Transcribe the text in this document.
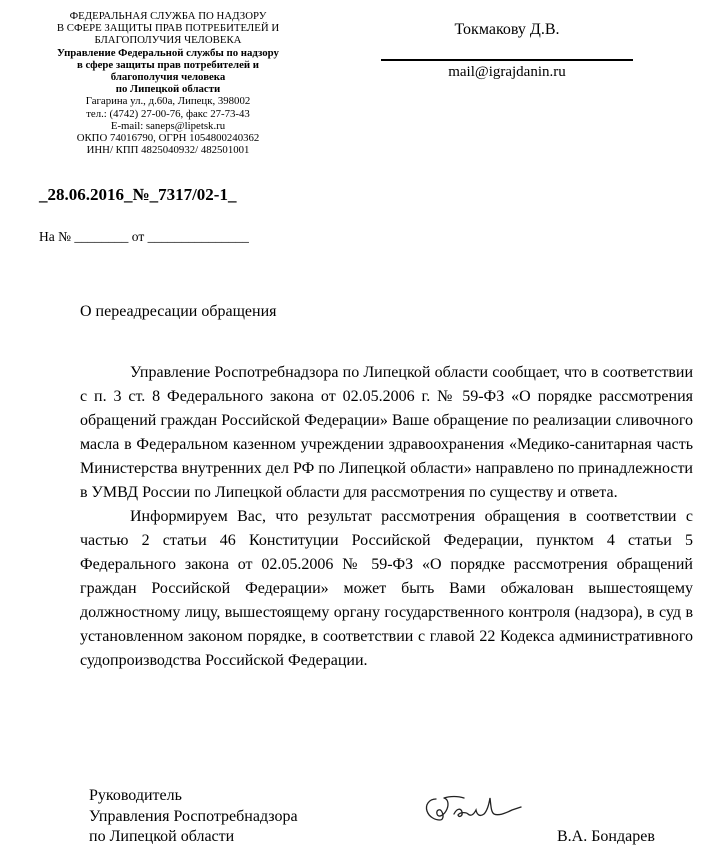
ФЕДЕРАЛЬНАЯ СЛУЖБА ПО НАДЗОРУ
В СФЕРЕ ЗАЩИТЫ ПРАВ ПОТРЕБИТЕЛЕЙ И
БЛАГОПОЛУЧИЯ ЧЕЛОВЕКА
Управление Федеральной службы по надзору
в сфере защиты прав потребителей и
благополучия человека
по Липецкой области
Гагарина ул., д.60а, Липецк, 398002
тел.: (4742) 27-00-76, факс 27-73-43
E-mail: saneps@lipetsk.ru
ОКПО 74016790, ОГРН 1054800240362
ИНН/ КПП 4825040932/ 482501001
_28.06.2016_№_7317/02-1_
На № ________ от _______________
Токмакову Д.В.
mail@igrajdanin.ru
О переадресации обращения

Управление Роспотребнадзора по Липецкой области сообщает, что в соответствии с п. 3 ст. 8 Федерального закона от 02.05.2006 г. № 59-ФЗ «О порядке рассмотрения обращений граждан Российской Федерации» Ваше обращение по реализации сливочного масла в Федеральном казенном учреждении здравоохранения «Медико-санитарная часть Министерства внутренних дел РФ по Липецкой области» направлено по принадлежности в УМВД России по Липецкой области для рассмотрения по существу и ответа.

Информируем Вас, что результат рассмотрения обращения в соответствии с частью 2 статьи 46 Конституции Российской Федерации, пунктом 4 статьи 5 Федерального закона от 02.05.2006 № 59-ФЗ «О порядке рассмотрения обращений граждан Российской Федерации» может быть Вами обжалован вышестоящему должностному лицу, вышестоящему органу государственного контроля (надзора), в суд в установленном законом порядке, в соответствии с главой 22 Кодекса административного судопроизводства Российской Федерации.

Руководитель
Управления Роспотребнадзора
по Липецкой области	В.А. Бондарев
